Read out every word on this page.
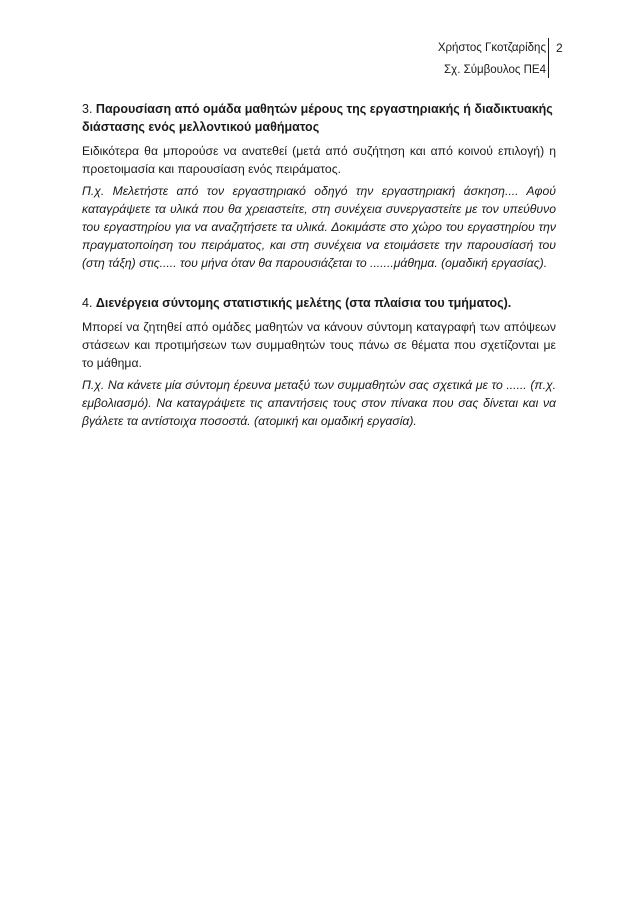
Χρήστος Γκοτζαρίδης
Σχ. Σύμβουλος ΠΕ4
2

3. Παρουσίαση από ομάδα μαθητών μέρους της εργαστηριακής ή διαδικτυακής διάστασης ενός μελλοντικού μαθήματος

Ειδικότερα θα μπορούσε να ανατεθεί (μετά από συζήτηση και από κοινού επιλογή) η προετοιμασία και παρουσίαση ενός πειράματος.

Π.χ. Μελετήστε από τον εργαστηριακό οδηγό την εργαστηριακή άσκηση.... Αφού καταγράψετε τα υλικά που θα χρειαστείτε, στη συνέχεια συνεργαστείτε με τον υπεύθυνο του εργαστηρίου για να αναζητήσετε τα υλικά. Δοκιμάστε στο χώρο του εργαστηρίου την πραγματοποίηση του πειράματος, και στη συνέχεια να ετοιμάσετε την παρουσίασή του (στη τάξη) στις..... του μήνα όταν θα παρουσιάζεται το .......μάθημα. (ομαδική εργασίας).

4. Διενέργεια σύντομης στατιστικής μελέτης (στα πλαίσια του τμήματος).

Μπορεί να ζητηθεί από ομάδες μαθητών να κάνουν σύντομη καταγραφή των απόψεων στάσεων και προτιμήσεων των συμμαθητών τους πάνω σε θέματα που σχετίζονται με το μάθημα.

Π.χ. Να κάνετε μία σύντομη έρευνα μεταξύ των συμμαθητών σας σχετικά με το ...... (π.χ. εμβολιασμό). Να καταγράψετε τις απαντήσεις τους στον πίνακα που σας δίνεται και να βγάλετε τα αντίστοιχα ποσοστά. (ατομική και ομαδική εργασία).
